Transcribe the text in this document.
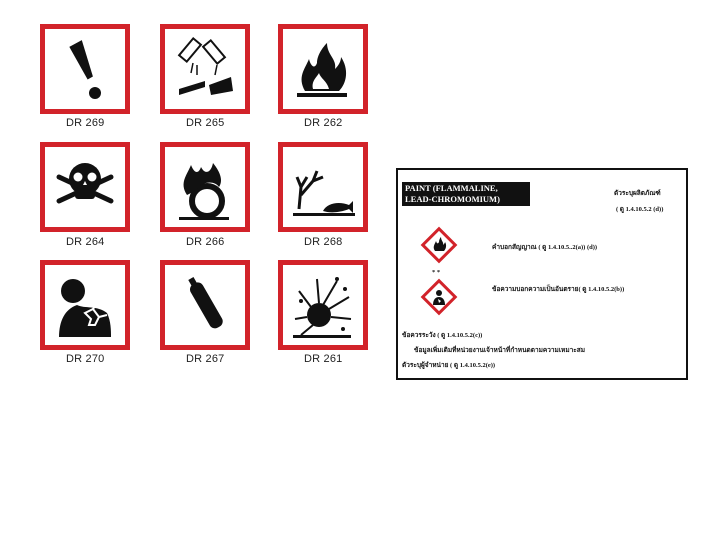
DR 269	DR 265	DR 262
DR 264	DR 266	DR 268
DR 270	DR 267	DR 261
PAINT (FLAMMALINE,
LEAD-CHROMOMIUM)
ตัวระบุผลิตภัณฑ์
( ดู 1.4.10.5.2 (d))
คำบอกสัญญาณ ( ดู 1.4.10.5..2(a)) (d))
* *
ข้อความบอกความเป็นอันตราย( ดู 1.4.10.5.2(b))
ข้อควรระวัง ( ดู 1.4.10.5.2(c))
ข้อมูลเพิ่มเติมที่หน่วยงานเจ้าหน้าที่กำหนดตามความเหมาะสม
ตัวระบุผู้จำหน่าย ( ดู 1.4.10.5.2(e))
